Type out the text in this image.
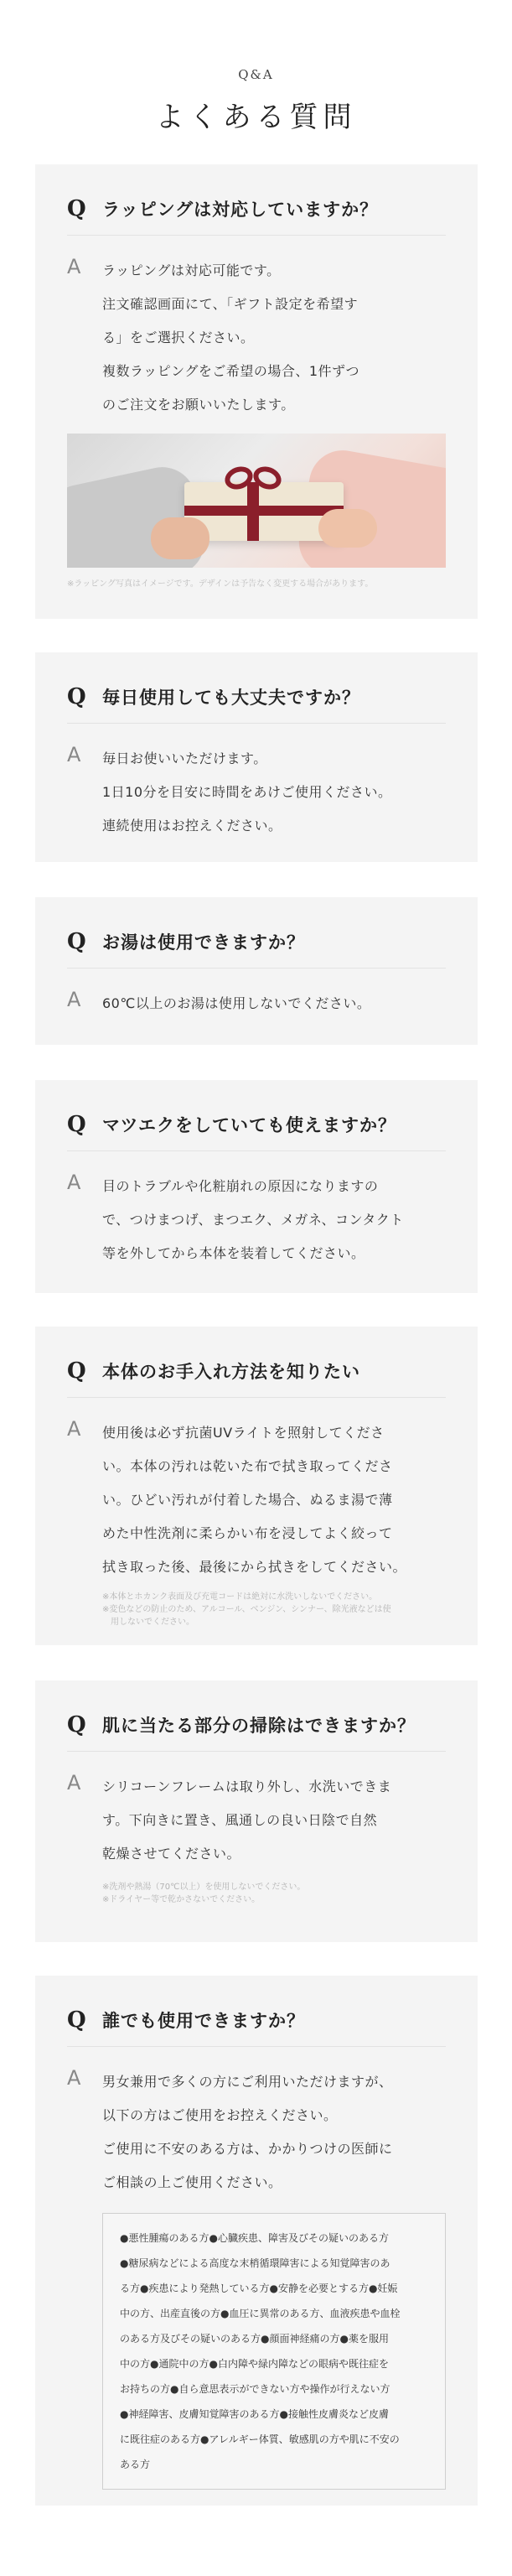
Q&A
よくある質問
Q ラッピングは対応していますか？
A	ラッピングは対応可能です。
注文確認画面にて、「ギフト設定を希望す
る」をご選択ください。
複数ラッピングをご希望の場合、1件ずつ
のご注文をお願いいたします。
※ラッピング写真はイメージです。デザインは予告なく変更する場合があります。
Q 毎日使用しても大丈夫ですか？
A	毎日お使いいただけます。
1日10分を目安に時間をあけご使用ください。
連続使用はお控えください。
Q お湯は使用できますか？
A	60℃以上のお湯は使用しないでください。
Q マツエクをしていても使えますか？
A	目のトラブルや化粧崩れの原因になりますの
で、つけまつげ、まつエク、メガネ、コンタクト
等を外してから本体を装着してください。
Q 本体のお手入れ方法を知りたい
A	使用後は必ず抗菌UVライトを照射してくださ
い。本体の汚れは乾いた布で拭き取ってくださ
い。ひどい汚れが付着した場合、ぬるま湯で薄
めた中性洗剤に柔らかい布を浸してよく絞って
拭き取った後、最後にから拭きをしてください。
※本体とホカンク表面及び充電コードは絶対に水洗いしないでください。
※変色などの防止のため、アルコール、ベンジン、シンナー、除光液などは使
　用しないでください。
Q 肌に当たる部分の掃除はできますか？
A	シリコーンフレームは取り外し、水洗いできま
す。下向きに置き、風通しの良い日陰で自然
乾燥させてください。
※洗剤や熱湯（70℃以上）を使用しないでください。
※ドライヤー等で乾かさないでください。
Q 誰でも使用できますか？
A	男女兼用で多くの方にご利用いただけますが、
以下の方はご使用をお控えください。
ご使用に不安のある方は、かかりつけの医師に
ご相談の上ご使用ください。
●悪性腫瘍のある方●心臓疾患、障害及びその疑いのある方
●糖尿病などによる高度な末梢循環障害による知覚障害のあ
る方●疾患により発熱している方●安静を必要とする方●妊娠
中の方、出産直後の方●血圧に異常のある方、血液疾患や血栓
のある方及びその疑いのある方●顔面神経痛の方●薬を服用
中の方●通院中の方●白内障や緑内障などの眼病や既往症を
お持ちの方●自ら意思表示ができない方や操作が行えない方
●神経障害、皮膚知覚障害のある方●接触性皮膚炎など皮膚
に既往症のある方●アレルギー体質、敏感肌の方や肌に不安の
ある方
